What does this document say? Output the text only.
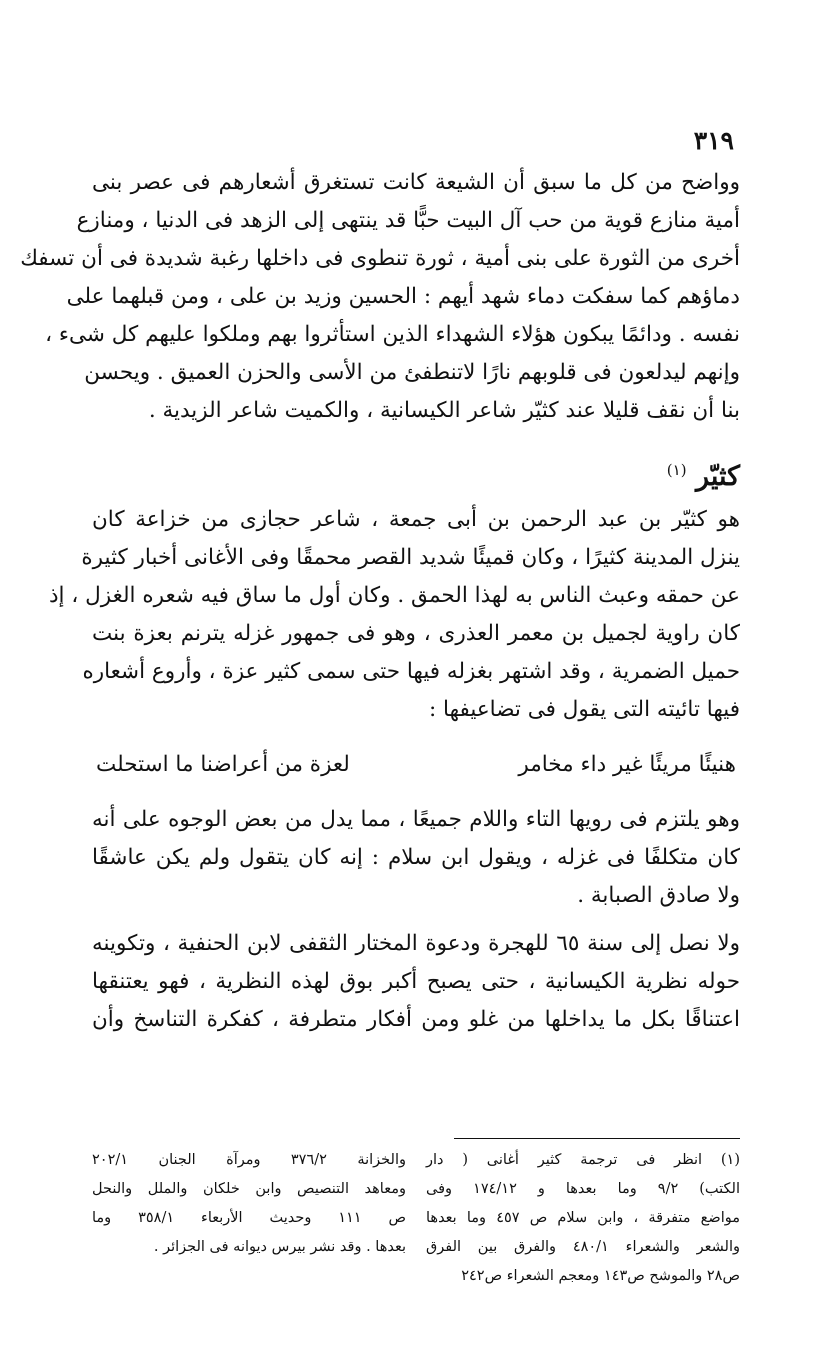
٣١٩

وواضح من كل ما سبق أن الشيعة كانت تستغرق أشعارهم فى عصر بنى

أمية منازع قوية من حب آل البيت حبًّا قد ينتهى إلى الزهد فى الدنيا ، ومنازع

أخرى من الثورة على بنى أمية ، ثورة تنطوى فى داخلها رغبة شديدة فى أن تسفك

دماؤهم كما سفكت دماء شهد أيهم : الحسين وزيد بن على ، ومن قبلهما على

نفسه . ودائمًا يبكون هؤلاء الشهداء الذين استأثروا بهم وملكوا عليهم كل شىء ،

وإنهم ليدلعون فى قلوبهم نارًا لاتنطفئ من الأسى والحزن العميق . ويحسن

بنا أن نقف قليلا عند كثيّر شاعر الكيسانية ، والكميت شاعر الزيدية .

كثيّر $^{(١)}$

هو كثيّر بن عبد الرحمن بن أبى جمعة ، شاعر حجازى من خزاعة كان

ينزل المدينة كثيرًا ، وكان قميئًا شديد القصر محمقًا وفى الأغانى أخبار كثيرة

عن حمقه وعبث الناس به لهذا الحمق . وكان أول ما ساق فيه شعره الغزل ، إذ

كان راوية لجميل بن معمر العذرى ، وهو فى جمهور غزله يترنم بعزة بنت

حميل الضمرية ، وقد اشتهر بغزله فيها حتى سمى كثير عزة ، وأروع أشعاره

فيها تائيته التى يقول فى تضاعيفها :

هنيئًا مريئًا غير داء مخامر
لعزة من أعراضنا ما استحلت

وهو يلتزم فى رويها التاء واللام جميعًا ، مما يدل من بعض الوجوه على أنه

كان متكلفًا فى غزله ، ويقول ابن سلام : إنه كان يتقول ولم يكن عاشقًا

ولا صادق الصبابة .

ولا نصل إلى سنة ٦٥ للهجرة ودعوة المختار الثقفى لابن الحنفية ، وتكوينه

حوله نظرية الكيسانية ، حتى يصبح أكبر بوق لهذه النظرية ، فهو يعتنقها

اعتناقًا بكل ما يداخلها من غلو ومن أفكار متطرفة ، كفكرة التناسخ وأن

(١) انظر فى ترجمة كثير أغانى ( دار

الكتب) ٩/٢ وما بعدها و ١٧٤/١٢ وفى

مواضع متفرقة ، وابن سلام ص ٤٥٧ وما بعدها

والشعر والشعراء ٤٨٠/١ والفرق بين الفرق

ص٢٨ والموشح ص١٤٣ ومعجم الشعراء ص٢٤٢

والخزانة ٣٧٦/٢ ومرآة الجنان ٢٠٢/١

ومعاهد التنصيص وابن خلكان والملل والنحل

ص ١١١ وحديث الأربعاء ٣٥٨/١ وما

بعدها . وقد نشر بيرس ديوانه فى الجزائر .
